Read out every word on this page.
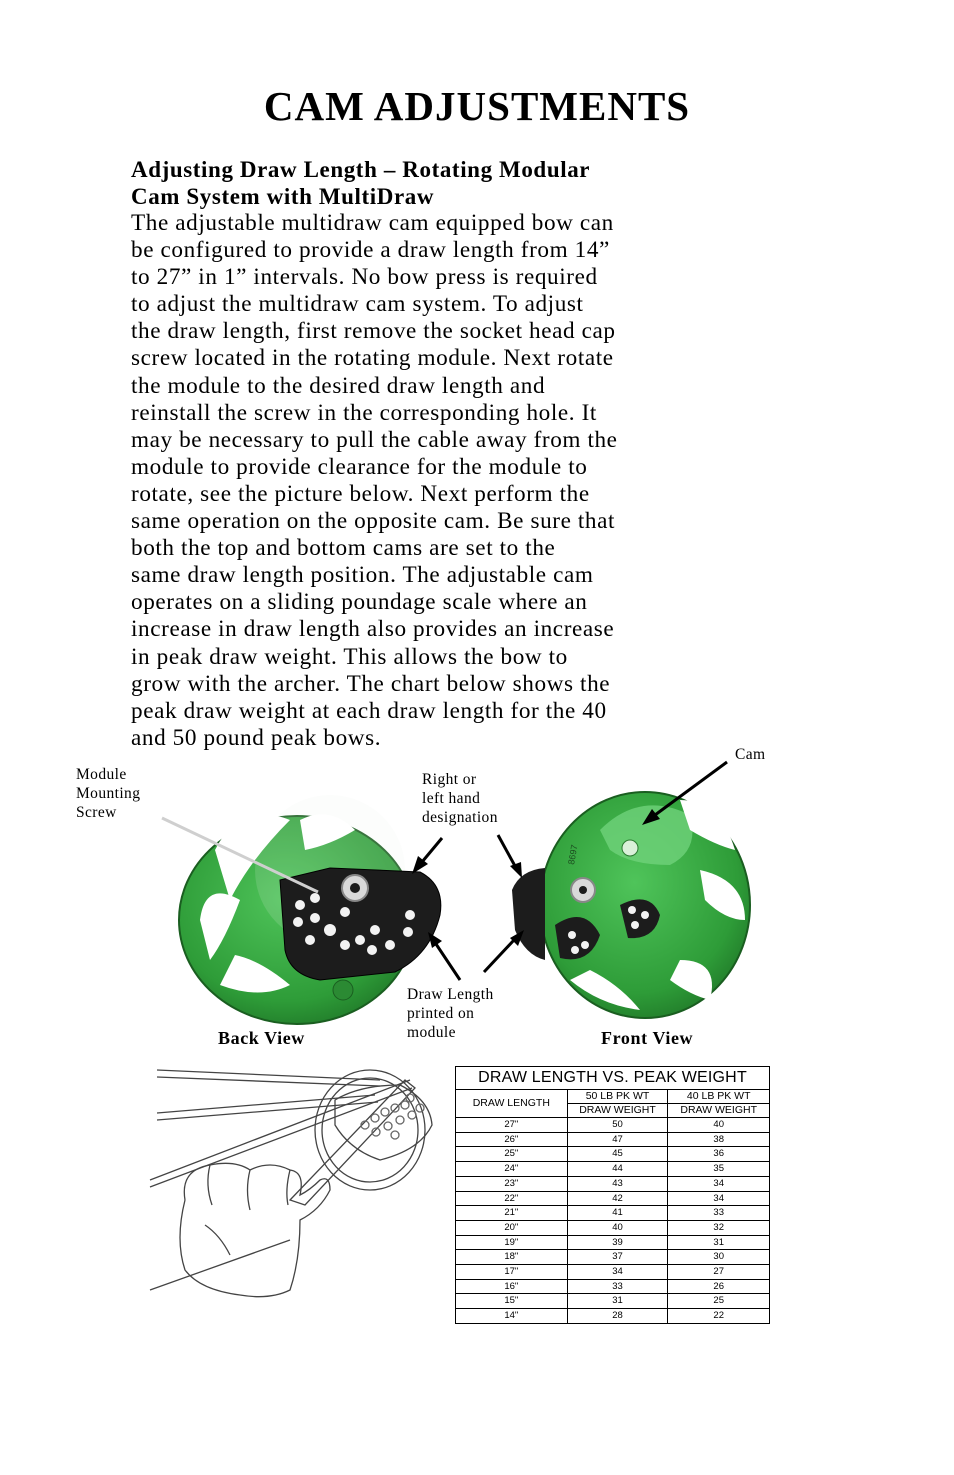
CAM ADJUSTMENTS
Adjusting Draw Length – Rotating Modular
Cam System with MultiDraw

The adjustable multidraw cam equipped bow can
be configured to provide a draw length from 14”
to 27” in 1” intervals. No bow press is required
to adjust the multidraw cam system. To adjust
the draw length, first remove the socket head cap
screw located in the rotating module. Next rotate
the module to the desired draw length and
reinstall the screw in the corresponding hole. It
may be necessary to pull the cable away from the
module to provide clearance for the module to
rotate, see the picture below. Next perform the
same operation on the opposite cam. Be sure that
both the top and bottom cams are set to the
same draw length position. The adjustable cam
operates on a sliding poundage scale where an
increase in draw length also provides an increase
in peak draw weight. This allows the bow to
grow with the archer. The chart below shows the
peak draw weight at each draw length for the 40
and 50 pound peak bows.

8697
Module
Mounting
Screw
Right or
left hand
designation
Cam
Draw Length
printed on
module
Back View	Front View
DRAW LENGTH VS. PEAK WEIGHT
DRAW LENGTH	50 LB PK WT	40 LB PK WT
	DRAW WEIGHT	DRAW WEIGHT
27"	50	40
26"	47	38
25"	45	36
24"	44	35
23"	43	34
22"	42	34
21"	41	33
20"	40	32
19"	39	31
18"	37	30
17"	34	27
16"	33	26
15"	31	25
14"	28	22
